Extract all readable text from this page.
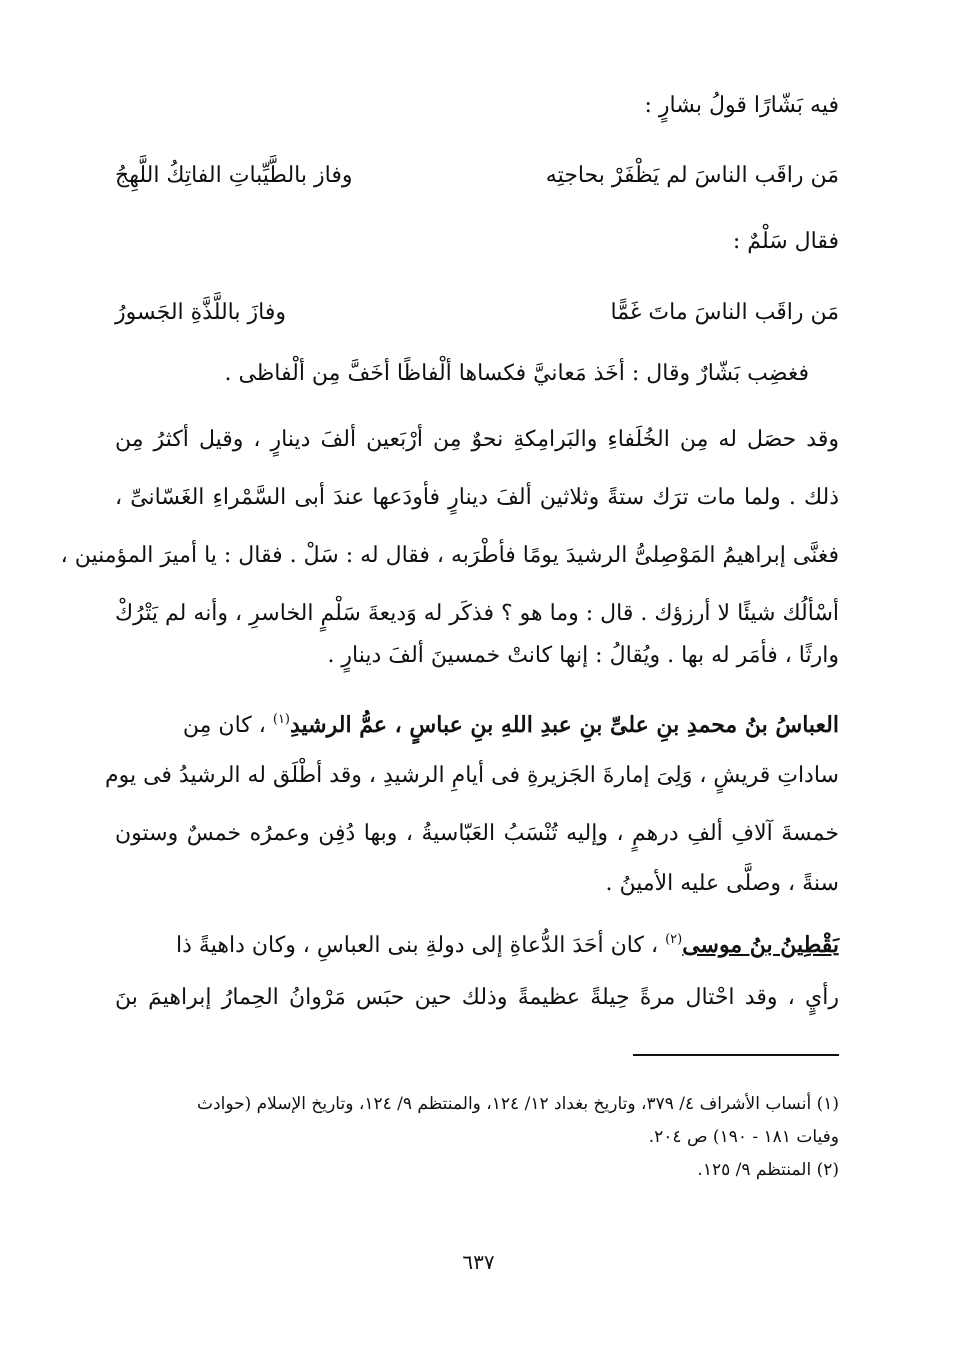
فيه بَشّارًا قولُ بشارٍ :
مَن راقَب الناسَ لم يَظْفَرْ بحاجتِه
وفاز بالطَّيِّباتِ الفاتِكُ اللَّهِجُ
فقال سَلْمٌ :
مَن راقَب الناسَ ماتَ غَمًّا
وفازَ باللَّذَّةِ الجَسورُ
فغضِب بَشّارٌ وقال : أخَذ مَعانيَّ فكساها ألْفاظًا أخَفَّ مِن ألْفاظى .
وقد حصَل له مِن الخُلَفاءِ والبَرامِكةِ نحوٌ مِن أرْبَعين ألفَ دينارٍ ، وقيل أكثرُ مِن
ذلك . ولما مات ترَك ستةً وثلاثين ألفَ دينارٍ فأودَعها عندَ أبى السَّمْراءِ الغَسّانىِّ ،
فغنَّى إبراهيمُ المَوْصِلىُّ الرشيدَ يومًا فأطْرَبه ، فقال له : سَلْ . فقال : يا أميرَ المؤمنين ،
أسْألُك شيئًا لا أرزؤك . قال : وما هو ؟ فذكَر له وَديعةَ سَلْمٍ الخاسرِ ، وأنه لم يَتْرُكْ
وارثًا ، فأمَر له بها . ويُقالُ : إنها كانتْ خمسينَ ألفَ دينارٍ .
العباسُ بنُ محمدِ بنِ علىِّ بنِ عبدِ اللهِ بنِ عباسٍ ، عمُّ الرشيدِ$^{(١)}$ ، كان مِن
ساداتِ قريشٍ ، وَلِىَ إمارةَ الجَزيرةِ فى أيامِ الرشيدِ ، وقد أطْلَق له الرشيدُ فى يوم
خمسةَ آلافِ ألفِ درهمٍ ، وإليه تُنْسَبُ العَبّاسيةُ ، وبها دُفِن وعمرُه خمسٌ وستون
سنةً ، وصلَّى عليه الأمينُ .
يَقْطِينُ بنُ موسى$^{(٢)}$ ، كان أحَدَ الدُّعاةِ إلى دولةِ بنى العباسِ ، وكان داهيةً ذا
رأيٍ ، وقد احْتال مرةً حِيلةً عظيمةً وذلك حين حبَس مَرْوانُ الحِمارُ إبراهيمَ بنَ
(١) أنساب الأشراف ٤/ ٣٧٩، وتاريخ بغداد ١٢/ ١٢٤، والمنتظم ٩/ ١٢٤، وتاريخ الإسلام (حوادث
وفيات ١٨١ - ١٩٠) ص ٢٠٤.
(٢) المنتظم ٩/ ١٢٥.
٦٣٧
